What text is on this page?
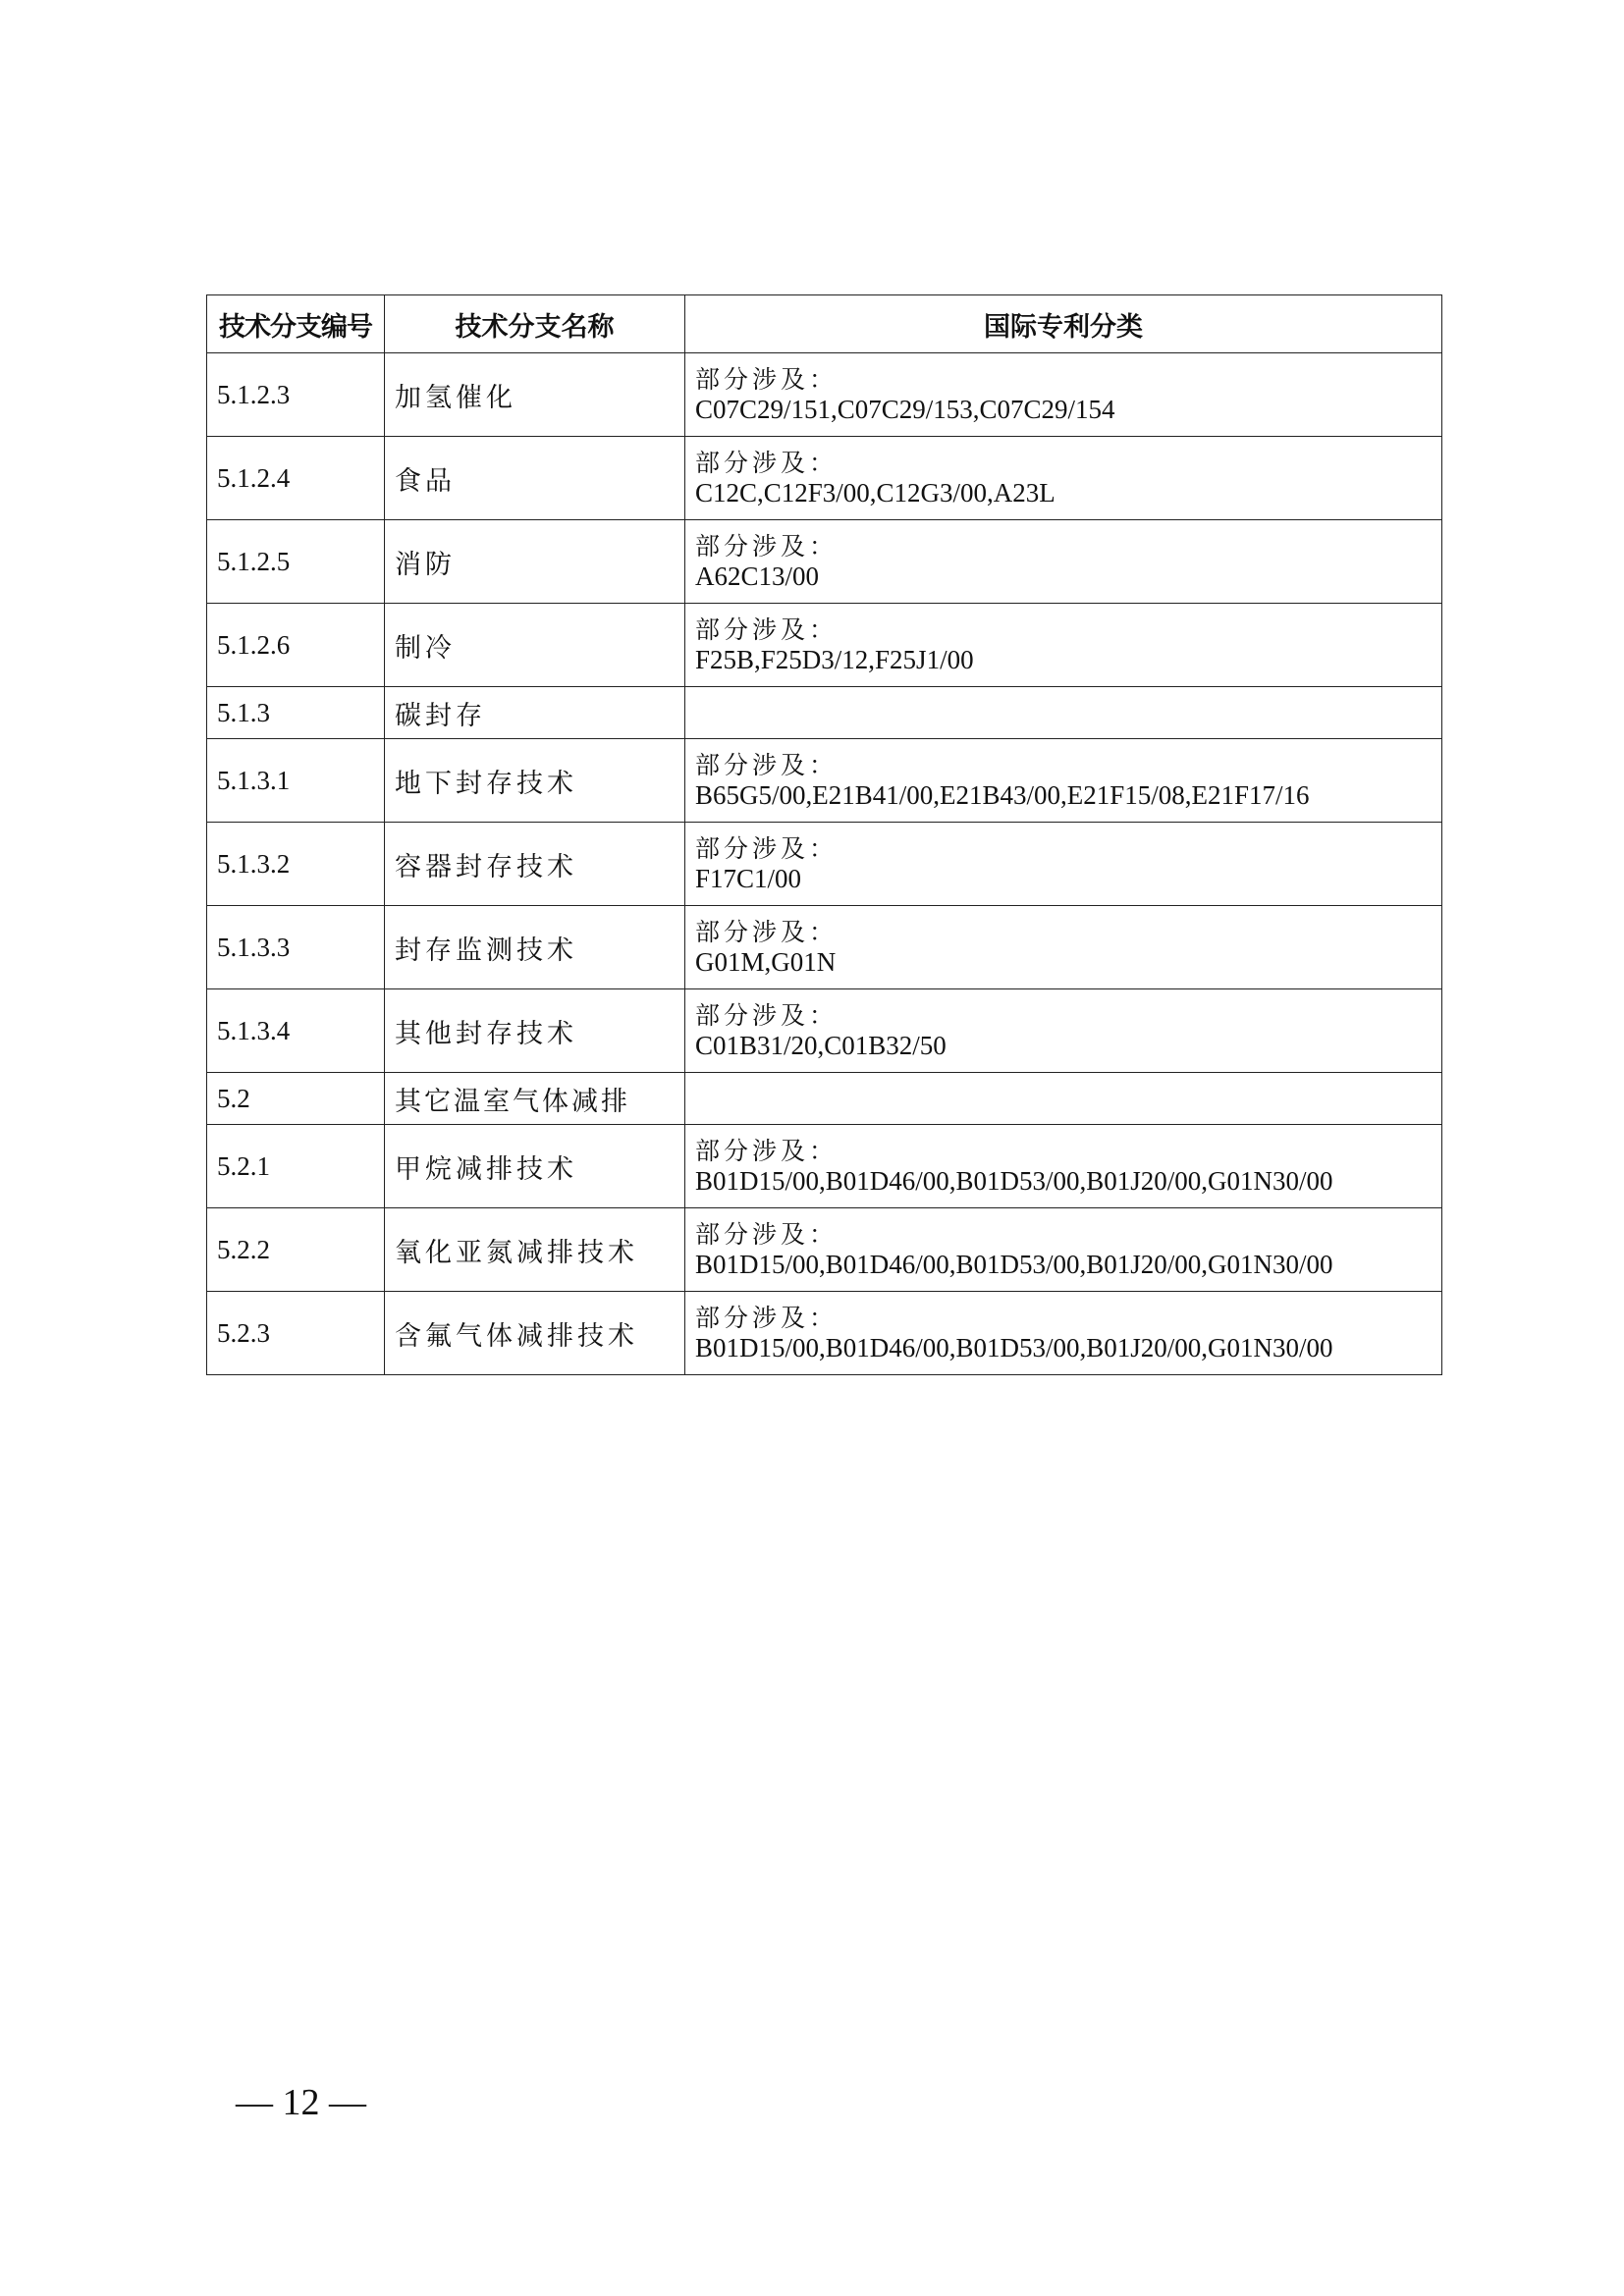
技术分支编号	技术分支名称	国际专利分类
5.1.2.3	加氢催化	部分涉及：
C07C29/151,C07C29/153,C07C29/154

5.1.2.4	食品	部分涉及：
C12C,C12F3/00,C12G3/00,A23L

5.1.2.5	消防	部分涉及：
A62C13/00

5.1.2.6	制冷	部分涉及：
F25B,F25D3/12,F25J1/00

5.1.3	碳封存	
5.1.3.1	地下封存技术	部分涉及：
B65G5/00,E21B41/00,E21B43/00,E21F15/08,E21F17/16

5.1.3.2	容器封存技术	部分涉及：
F17C1/00

5.1.3.3	封存监测技术	部分涉及：
G01M,G01N

5.1.3.4	其他封存技术	部分涉及：
C01B31/20,C01B32/50

5.2	其它温室气体减排	
5.2.1	甲烷减排技术	部分涉及：
B01D15/00,B01D46/00,B01D53/00,B01J20/00,G01N30/00

5.2.2	氧化亚氮减排技术	部分涉及：
B01D15/00,B01D46/00,B01D53/00,B01J20/00,G01N30/00

5.2.3	含氟气体减排技术	部分涉及：
B01D15/00,B01D46/00,B01D53/00,B01J20/00,G01N30/00
— 12 —
